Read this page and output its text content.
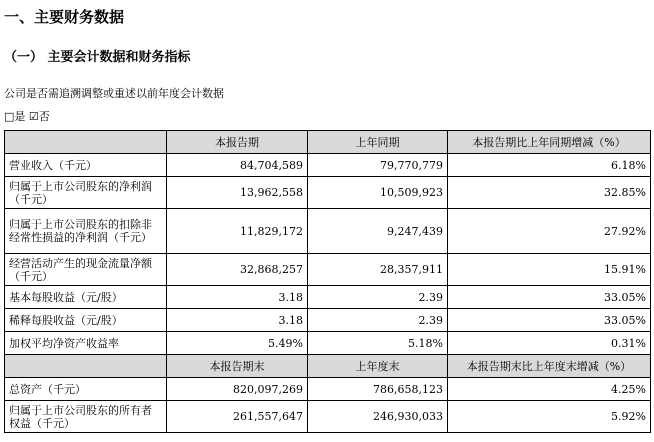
一、主要财务数据
（一） 主要会计数据和财务指标
公司是否需追溯调整或重述以前年度会计数据
□是 ☑否
	本报告期	上年同期	本报告期比上年同期增减（%）
营业收入（千元）	84,704,589	79,770,779	6.18%
归属于上市公司股东的净利润（千元）	13,962,558	10,509,923	32.85%
归属于上市公司股东的扣除非经常性损益的净利润（千元）	11,829,172	9,247,439	27.92%
经营活动产生的现金流量净额（千元）	32,868,257	28,357,911	15.91%
基本每股收益（元/股）	3.18	2.39	33.05%
稀释每股收益（元/股）	3.18	2.39	33.05%
加权平均净资产收益率	5.49%	5.18%	0.31%
	本报告期末	上年度末	本报告期末比上年度末增减（%）
总资产（千元）	820,097,269	786,658,123	4.25%
归属于上市公司股东的所有者权益（千元）	261,557,647	246,930,033	5.92%
